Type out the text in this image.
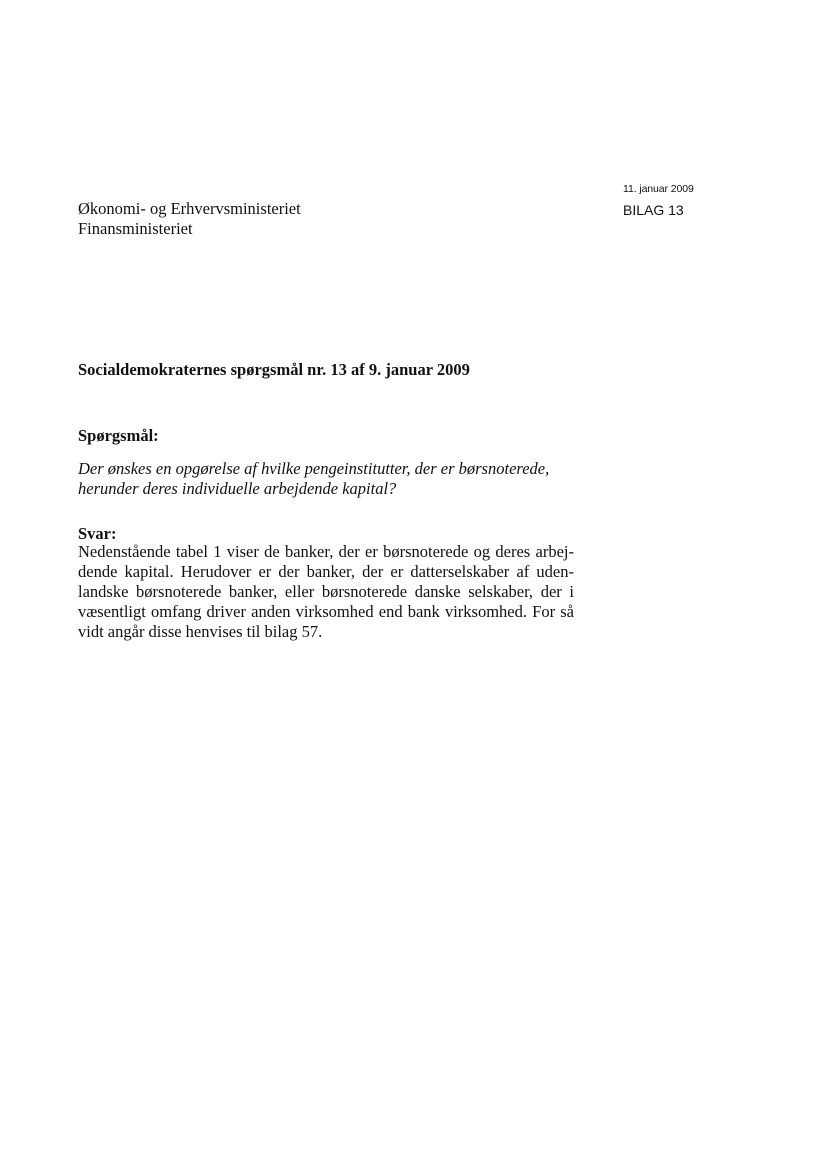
11. januar 2009
BILAG 13
Økonomi- og Erhvervsministeriet
Finansministeriet
Socialdemokraternes spørgsmål nr. 13 af 9. januar 2009
Spørgsmål:
Der ønskes en opgørelse af hvilke pengeinstitutter, der er børsnoterede, herunder deres individuelle arbejdende kapital?
Svar:
Nedenstående tabel 1 viser de banker, der er børsnoterede og deres arbejdende kapital. Herudover er der banker, der er datterselskaber af udenlandske børsnoterede banker, eller børsnoterede danske selskaber, der i væsentligt omfang driver anden virksomhed end bank virksomhed. For så vidt angår disse henvises til bilag 57.
